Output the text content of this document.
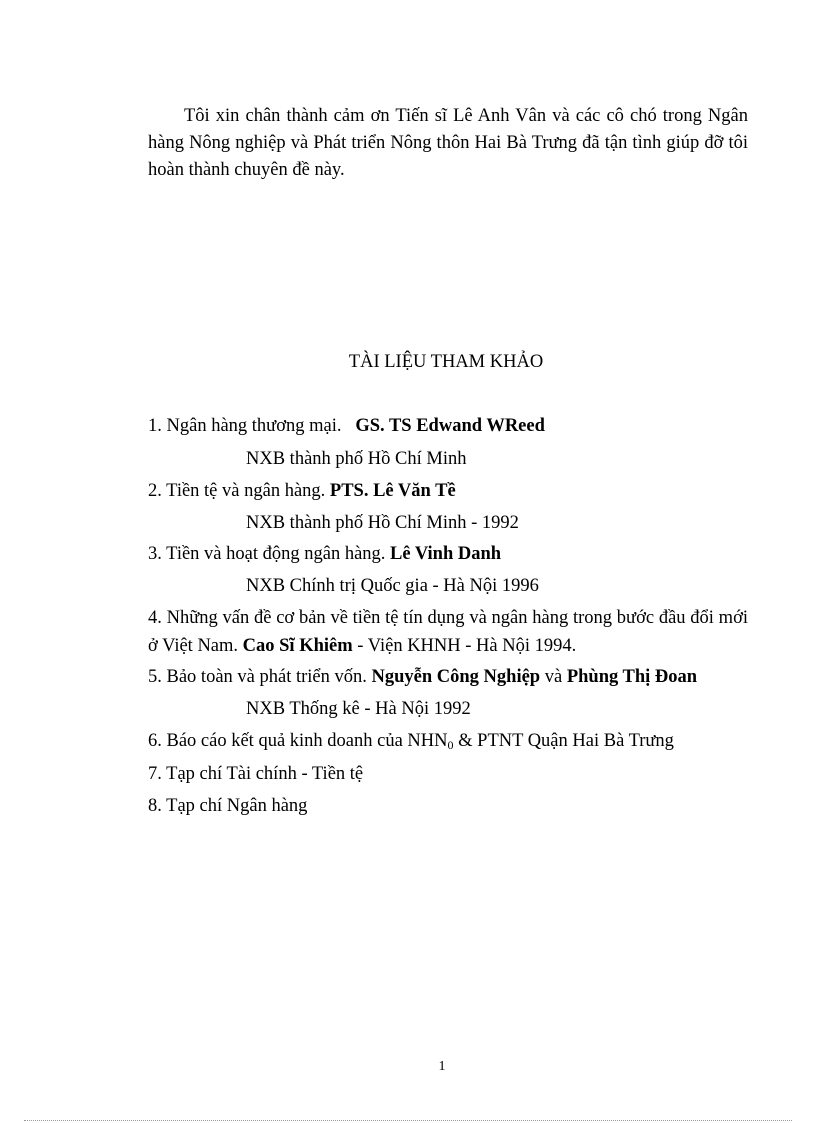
Tôi xin chân thành cảm ơn Tiến sĩ Lê Anh Vân và các cô chó trong Ngân hàng Nông nghiệp và Phát triển Nông thôn Hai Bà Trưng đã tận tình giúp đỡ tôi hoàn thành chuyên đề này.

TÀI LIỆU THAM KHẢO

1. Ngân hàng thương mại. GS. TS Edwand WReed

NXB thành phố Hồ Chí Minh

2. Tiền tệ và ngân hàng. PTS. Lê Văn Tề

NXB thành phố Hồ Chí Minh - 1992

3. Tiền và hoạt động ngân hàng. Lê Vinh Danh

NXB Chính trị Quốc gia - Hà Nội 1996

4. Những vấn đề cơ bản về tiền tệ tín dụng và ngân hàng trong bước đầu đổi mới ở Việt Nam. Cao Sĩ Khiêm - Viện KHNH - Hà Nội 1994.

5. Bảo toàn và phát triển vốn. Nguyễn Công Nghiệp và Phùng Thị Đoan

NXB Thống kê - Hà Nội 1992

6. Báo cáo kết quả kinh doanh của $NHN_0$ & PTNT Quận Hai Bà Trưng

7. Tạp chí Tài chính - Tiền tệ

8. Tạp chí Ngân hàng

1
